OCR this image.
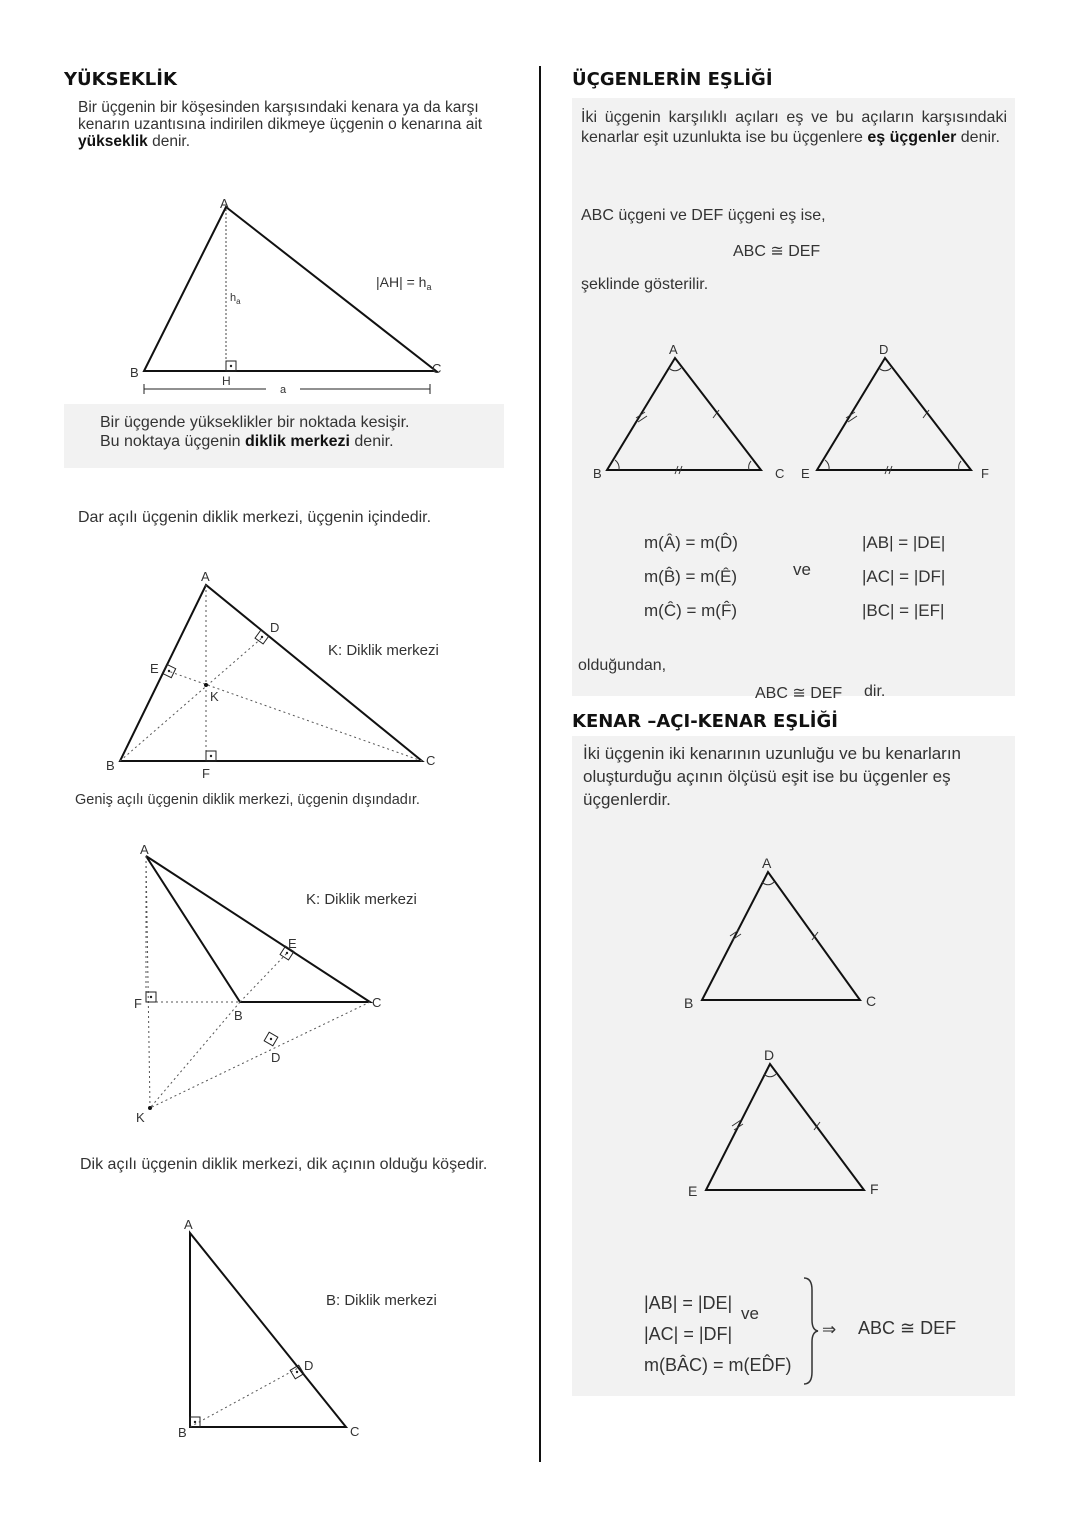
YÜKSEKLİK
Bir üçgenin bir köşesinden karşısındaki kenara ya da karşı kenarın uzantısına indirilen dikmeye üçgenin o kenarına ait yükseklik denir.
A
B	C
H
$h_a$
a
$|AH| = h_a$
Bir üçgende yükseklikler bir noktada kesişir.
Bu noktaya üçgenin diklik merkezi denir.
Dar açılı üçgenin diklik merkezi, üçgenin içindedir.
A
B	C
D
E
F
K
K: Diklik merkezi
Geniş açılı üçgenin diklik merkezi, üçgenin dışındadır.
A
B
C
D
E
F
K
K: Diklik merkezi
Dik açılı üçgenin diklik merkezi, dik açının olduğu köşedir.
A
B	C
D
B: Diklik merkezi
ÜÇGENLERİN EŞLİĞİ
İki üçgenin karşılıklı açıları eş ve bu açıların karşısındaki kenarlar eşit uzunlukta ise bu üçgenlere eş üçgenler denir.
ABC üçgeni ve DEF üçgeni eş ise,
ABC ≅ DEF
şeklinde gösterilir.
A
B	C
D
E	F
m(Â) = m(D̂)
m(B̂) = m(Ê)
m(Ĉ) = m(F̂)
ve
|AB| = |DE|
|AC| = |DF|
|BC| = |EF|
olduğundan,
ABC ≅ DEF dir.
KENAR –AÇI-KENAR EŞLİĞİ
İki üçgenin iki kenarının uzunluğu ve bu kenarların oluşturduğu açının ölçüsü eşit ise bu üçgenler eş üçgenlerdir.
A
B	C
D
E	F
|AB| = |DE|
|AC| = |DF|
m(BÂC) = m(ED̂F)
ve
⇒ ABC ≅ DEF
